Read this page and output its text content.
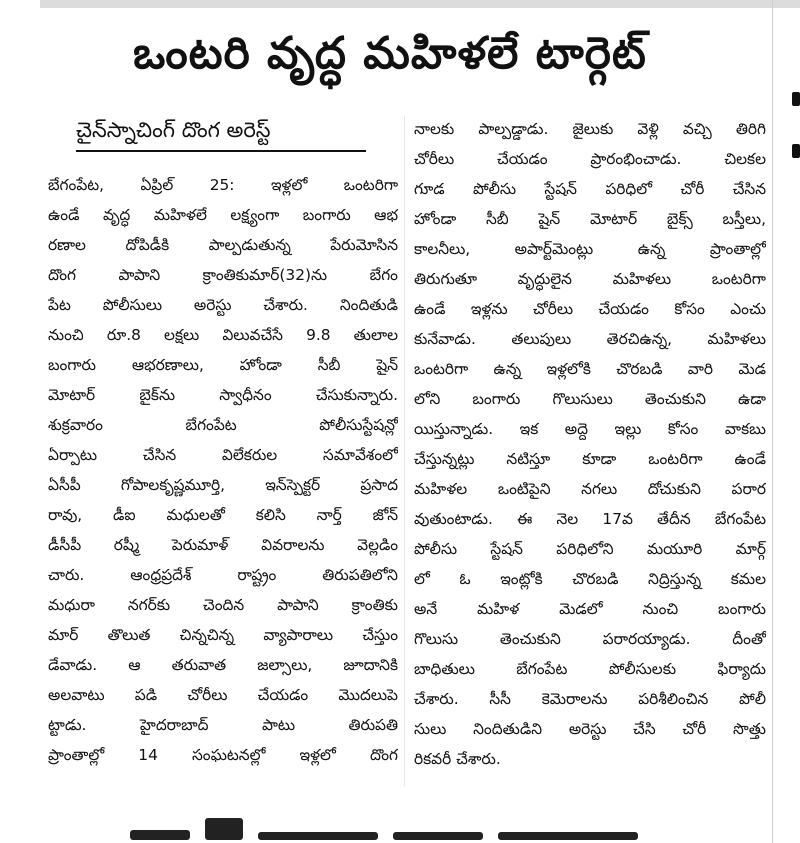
ఒంటరి వృద్ధ మహిళలే టార్గెట్
చైన్‌స్నాచింగ్ దొంగ అరెస్ట్
బేగంపేట, ఏప్రిల్ 25: ఇళ్లలో ఒంటరిగా
ఉండే వృద్ధ మహిళలే లక్ష్యంగా బంగారు ఆభ
రణాల దోపిడీకి పాల్పడుతున్న పేరుమోసిన
దొంగ పాపాని క్రాంతికుమార్(32)ను బేగం
పేట పోలీసులు అరెస్టు చేశారు. నిందితుడి
నుంచి రూ.8 లక్షలు విలువచేసే 9.8 తులాల
బంగారు ఆభరణాలు, హోండా సీబీ షైన్
మోటార్ బైక్‌ను స్వాధీనం చేసుకున్నారు.
శుక్రవారం బేగంపేట పోలీసుస్టేషన్లో
ఏర్పాటు చేసిన విలేకరుల సమావేశంలో
ఏసీపీ గోపాలకృష్ణమూర్తి, ఇన్‌స్పెక్టర్ ప్రసాద
రావు, డీఐ మధులతో కలిసి నార్త్ జోన్
డీసీపీ రష్మీ పెరుమాళ్ వివరాలను వెల్లడిం
చారు. ఆంధ్రప్రదేశ్ రాష్ట్రం తిరుపతిలోని
మధురా నగర్‌కు చెందిన పాపాని క్రాంతికు
మార్ తొలుత చిన్నచిన్న వ్యాపారాలు చేస్తుం
డేవాడు. ఆ తరువాత జల్సాలు, జూదానికి
అలవాటు పడి చోరీలు చేయడం మొదలుపె
ట్టాడు. హైదరాబాద్ పాటు తిరుపతి
ప్రాంతాల్లో 14 సంఘటనల్లో ఇళ్లలో దొంగ
నాలకు పాల్పడ్డాడు. జైలుకు వెళ్లి వచ్చి తిరిగి
చోరీలు చేయడం ప్రారంభించాడు. చిలకల
గూడ పోలీసు స్టేషన్ పరిధిలో చోరీ చేసిన
హోండా సీబీ షైన్ మోటార్ బైక్స్ బస్తీలు,
కాలనీలు, అపార్ట్‌మెంట్లు ఉన్న ప్రాంతాల్లో
తిరుగుతూ వృద్ధులైన మహిళలు ఒంటరిగా
ఉండే ఇళ్లను చోరీలు చేయడం కోసం ఎంచు
కునేవాడు. తలుపులు తెరచిఉన్న, మహిళలు
ఒంటరిగా ఉన్న ఇళ్లలోకి చొరబడి వారి మెడ
లోని బంగారు గొలుసులు తెంచుకుని ఉడా
యిస్తున్నాడు. ఇక అద్దె ఇల్లు కోసం వాకబు
చేస్తున్నట్లు నటిస్తూ కూడా ఒంటరిగా ఉండే
మహిళల ఒంటిపైని నగలు దోచుకుని పరార
వుతుంటాడు. ఈ నెల 17వ తేదీన బేగంపేట
పోలీసు స్టేషన్ పరిధిలోని మయూరి మార్గ్
లో ఓ ఇంట్లోకి చొరబడి నిద్రిస్తున్న కమల
అనే మహిళ మెడలో నుంచి బంగారు
గొలుసు తెంచుకుని పరారయ్యాడు. దీంతో
బాధితులు బేగంపేట పోలీసులకు ఫిర్యాదు
చేశారు. సీసీ కెమెరాలను పరిశీలించిన పోలీ
సులు నిందితుడిని అరెస్టు చేసి చోరీ సొత్తు
రికవరీ చేశారు.
